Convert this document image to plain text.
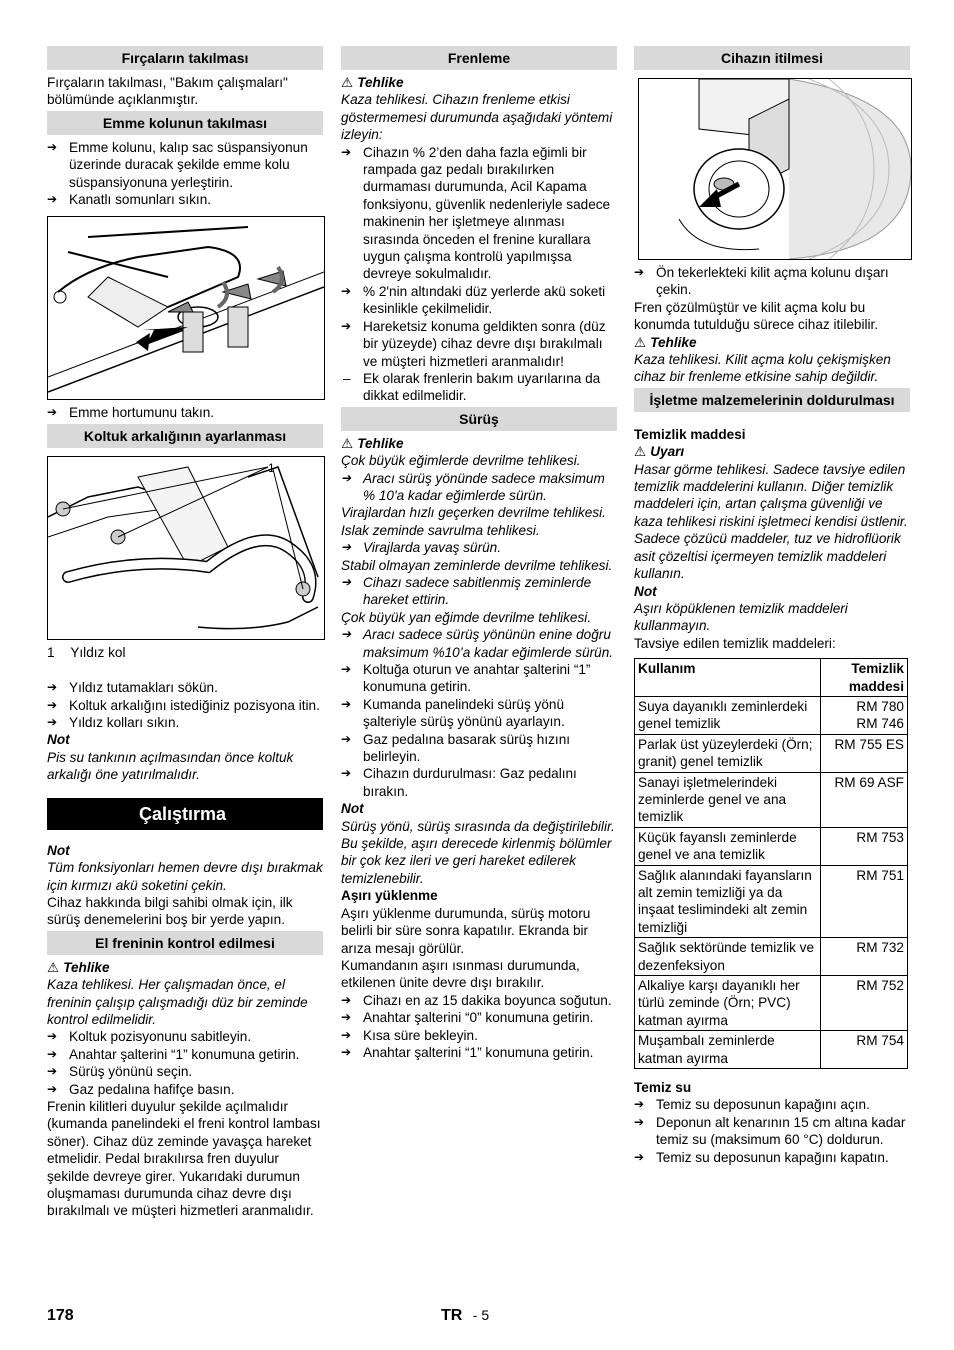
Fırçaların takılması

Fırçaların takılması, "Bakım çalışmaları" bölümünde açıklanmıştır.

Emme kolunun takılması
➔ Emme kolunu, kalıp sac süspansiyonun üzerinde duracak şekilde emme kolu süspansiyonuna yerleştirin.
➔ Kanatlı somunları sıkın.
➔ Emme hortumunu takın.
Koltuk arkalığının ayarlanması
1
1 Yıldız kol
➔ Yıldız tutamakları sökün.
➔ Koltuk arkalığını istediğiniz pozisyona itin.
➔ Yıldız kolları sıkın.

Not

Pis su tankının açılmasından önce koltuk arkalığı öne yatırılmalıdır.

Çalıştırma

Not

Tüm fonksiyonları hemen devre dışı bırakmak için kırmızı akü soketini çekin.

Cihaz hakkında bilgi sahibi olmak için, ilk sürüş denemelerini boş bir yerde yapın.

El freninin kontrol edilmesi

⚠ Tehlike

Kaza tehlikesi. Her çalışmadan önce, el freninin çalışıp çalışmadığı düz bir zeminde kontrol edilmelidir.

➔ Koltuk pozisyonunu sabitleyin.
➔ Anahtar şalterini “1” konumuna getirin.
➔ Sürüş yönünü seçin.
➔ Gaz pedalına hafifçe basın.

Frenin kilitleri duyulur şekilde açılmalıdır (kumanda panelindeki el freni kontrol lambası söner). Cihaz düz zeminde yavaşça hareket etmelidir. Pedal bırakılırsa fren duyulur şekilde devreye girer. Yukarıdaki durumun oluşmaması durumunda cihaz devre dışı bırakılmalı ve müşteri hizmetleri aranmalıdır.

Frenleme

⚠ Tehlike

Kaza tehlikesi. Cihazın frenleme etkisi göstermemesi durumunda aşağıdaki yöntemi izleyin:

➔ Cihazın % 2’den daha fazla eğimli bir rampada gaz pedalı bırakılırken durmaması durumunda, Acil Kapama fonksiyonu, güvenlik nedenleriyle sadece makinenin her işletmeye alınması sırasında önceden el frenine kurallara uygun çalışma kontrolü yapılmışsa devreye sokulmalıdır.
➔ % 2'nin altındaki düz yerlerde akü soketi kesinlikle çekilmelidir.
➔ Hareketsiz konuma geldikten sonra (düz bir yüzeyde) cihaz devre dışı bırakılmalı ve müşteri hizmetleri aranmalıdır!
– Ek olarak frenlerin bakım uyarılarına da dikkat edilmelidir.
Sürüş

⚠ Tehlike

Çok büyük eğimlerde devrilme tehlikesi.

➔ Aracı sürüş yönünde sadece maksimum % 10'a kadar eğimlerde sürün.

Virajlardan hızlı geçerken devrilme tehlikesi.

Islak zeminde savrulma tehlikesi.

➔ Virajlarda yavaş sürün.

Stabil olmayan zeminlerde devrilme tehlikesi.

➔ Cihazı sadece sabitlenmiş zeminlerde hareket ettirin.

Çok büyük yan eğimde devrilme tehlikesi.

➔ Aracı sadece sürüş yönünün enine doğru maksimum %10’a kadar eğimlerde sürün.
➔ Koltuğa oturun ve anahtar şalterini “1” konumuna getirin.
➔ Kumanda panelindeki sürüş yönü şalteriyle sürüş yönünü ayarlayın.
➔ Gaz pedalına basarak sürüş hızını belirleyin.
➔ Cihazın durdurulması: Gaz pedalını bırakın.

Not

Sürüş yönü, sürüş sırasında da değiştirilebilir. Bu şekilde, aşırı derecede kirlenmiş bölümler bir çok kez ileri ve geri hareket edilerek temizlenebilir.

Aşırı yüklenme

Aşırı yüklenme durumunda, sürüş motoru belirli bir süre sonra kapatılır. Ekranda bir arıza mesajı görülür.

Kumandanın aşırı ısınması durumunda, etkilenen ünite devre dışı bırakılır.

➔ Cihazı en az 15 dakika boyunca soğutun.
➔ Anahtar şalterini “0” konumuna getirin.
➔ Kısa süre bekleyin.
➔ Anahtar şalterini “1” konumuna getirin.
Cihazın itilmesi
➔ Ön tekerlekteki kilit açma kolunu dışarı çekin.

Fren çözülmüştür ve kilit açma kolu bu konumda tutulduğu sürece cihaz itilebilir.

⚠ Tehlike

Kaza tehlikesi. Kilit açma kolu çekişmişken cihaz bir frenleme etkisine sahip değildir.

İşletme malzemelerinin doldurulması

Temizlik maddesi

⚠ Uyarı

Hasar görme tehlikesi. Sadece tavsiye edilen temizlik maddelerini kullanın. Diğer temizlik maddeleri için, artan çalışma güvenliği ve kaza tehlikesi riskini işletmeci kendisi üstlenir.

Sadece çözücü maddeler, tuz ve hidroflüorik asit çözeltisi içermeyen temizlik maddeleri kullanın.

Not

Aşırı köpüklenen temizlik maddeleri kullanmayın.

Tavsiye edilen temizlik maddeleri:

Kullanım	Temizlik maddesi
Suya dayanıklı zeminlerdeki genel temizlik	RM 780
RM 746
Parlak üst yüzeylerdeki (Örn; granit) genel temizlik	RM 755 ES
Sanayi işletmelerindeki zeminlerde genel ve ana temizlik	RM 69 ASF
Küçük fayanslı zeminlerde genel ve ana temizlik	RM 753
Sağlık alanındaki fayansların alt zemin temizliği ya da inşaat teslimindeki alt zemin temizliği	RM 751
Sağlık sektöründe temizlik ve dezenfeksiyon	RM 732
Alkaliye karşı dayanıklı her türlü zeminde (Örn; PVC) katman ayırma	RM 752
Muşambalı zeminlerde katman ayırma	RM 754

Temiz su

➔ Temiz su deposunun kapağını açın.
➔ Deponun alt kenarının 15 cm altına kadar temiz su (maksimum 60 °C) doldurun.
➔ Temiz su deposunun kapağını kapatın.
178	TR - 5
